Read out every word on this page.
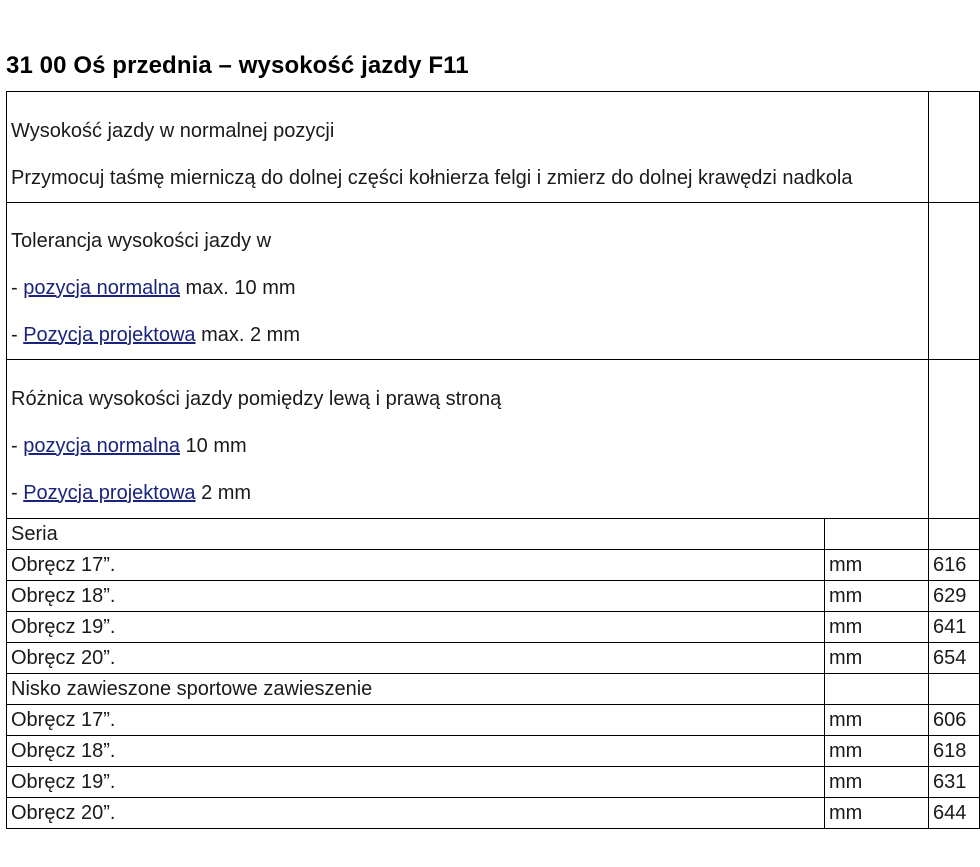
31 00 Oś przednia – wysokość jazdy F11

Wysokość jazdy w normalnej pozycji

Przymocuj taśmę mierniczą do dolnej części kołnierza felgi i zmierz do dolnej krawędzi nadkola		

Tolerancja wysokości jazdy w

- pozycja normalna max. 10 mm

- Pozycja projektowa max. 2 mm		

Różnica wysokości jazdy pomiędzy lewą i prawą stroną

- pozycja normalna 10 mm

- Pozycja projektowa 2 mm		

Seria		
Obręcz 17”.	mm	616
Obręcz 18”.	mm	629
Obręcz 19”.	mm	641
Obręcz 20”.	mm	654
Nisko zawieszone sportowe zawieszenie		
Obręcz 17”.	mm	606
Obręcz 18”.	mm	618
Obręcz 19”.	mm	631
Obręcz 20”.	mm	644
